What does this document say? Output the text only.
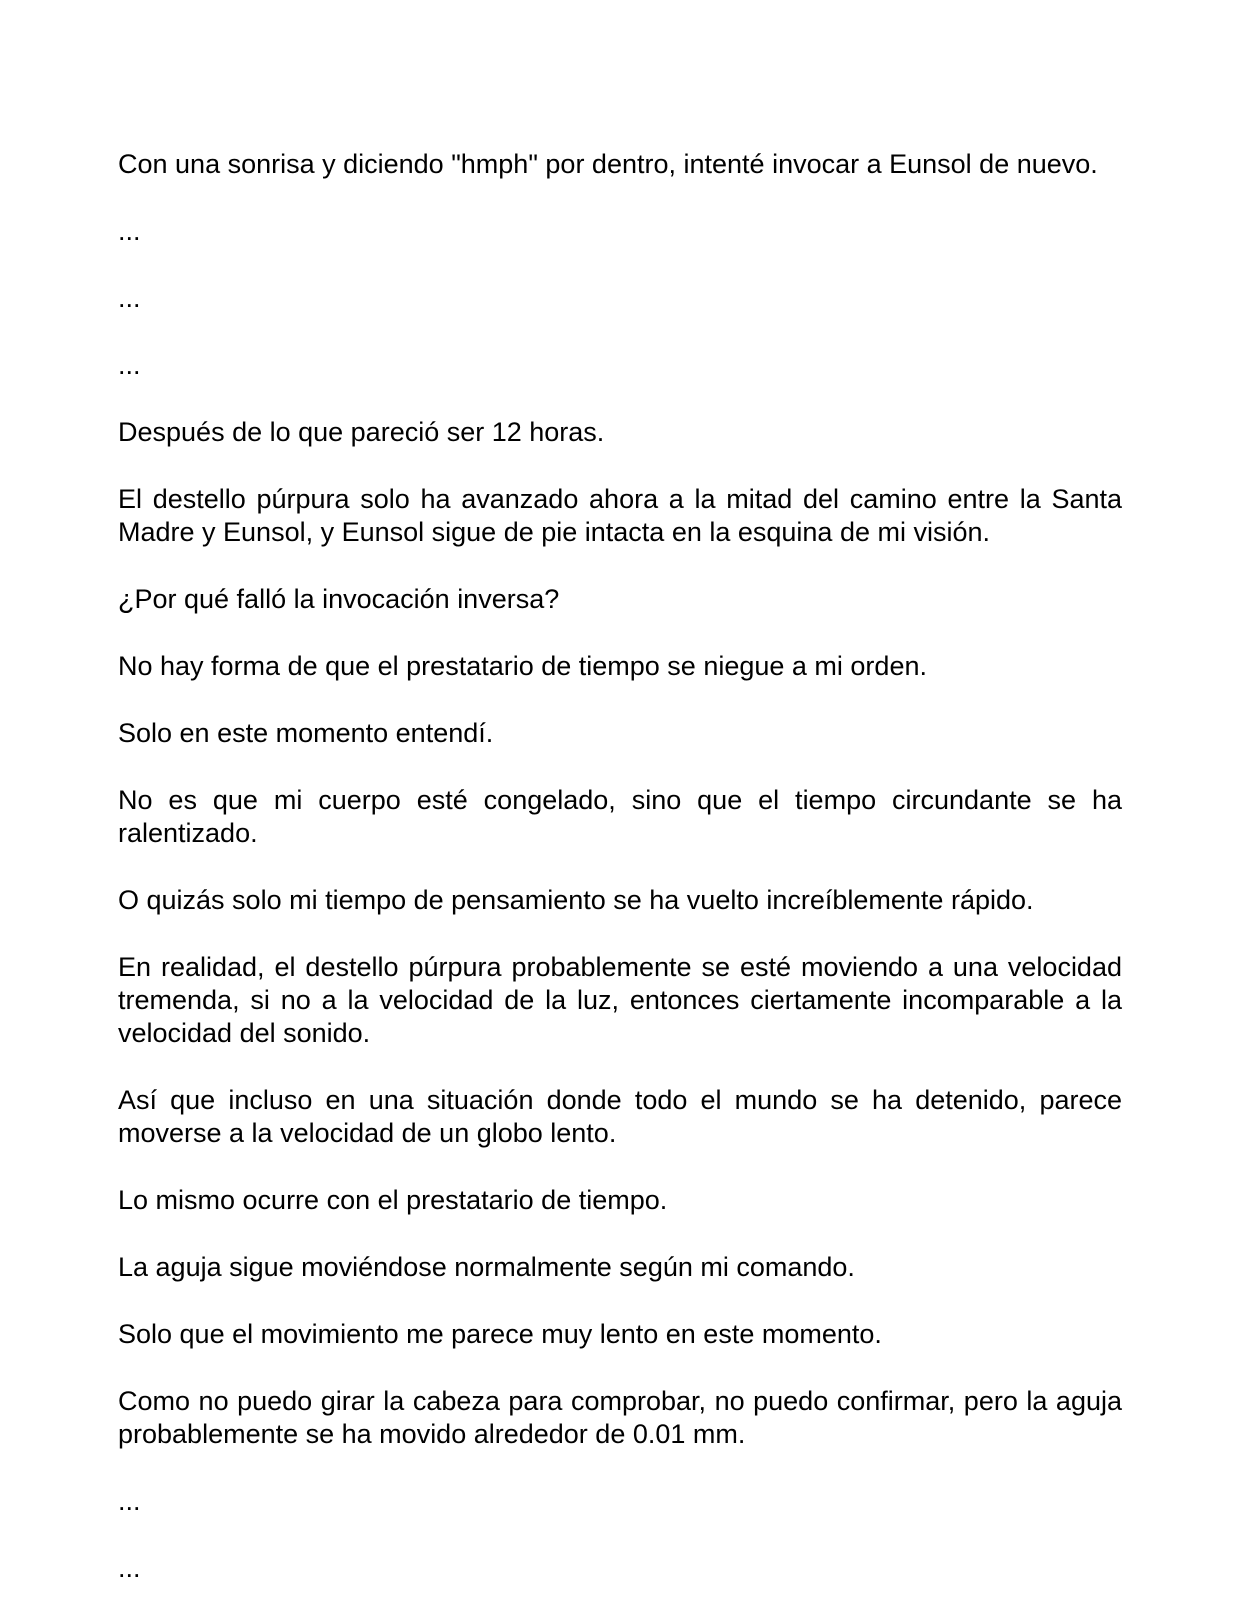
Con una sonrisa y diciendo "hmph" por dentro, intenté invocar a Eunsol de nuevo.

...

...

...

Después de lo que pareció ser 12 horas.

El destello púrpura solo ha avanzado ahora a la mitad del camino entre la Santa Madre y Eunsol, y Eunsol sigue de pie intacta en la esquina de mi visión.

¿Por qué falló la invocación inversa?

No hay forma de que el prestatario de tiempo se niegue a mi orden.

Solo en este momento entendí.

No es que mi cuerpo esté congelado, sino que el tiempo circundante se ha ralentizado.

O quizás solo mi tiempo de pensamiento se ha vuelto increíblemente rápido.

En realidad, el destello púrpura probablemente se esté moviendo a una velocidad tremenda, si no a la velocidad de la luz, entonces ciertamente incomparable a la velocidad del sonido.

Así que incluso en una situación donde todo el mundo se ha detenido, parece moverse a la velocidad de un globo lento.

Lo mismo ocurre con el prestatario de tiempo.

La aguja sigue moviéndose normalmente según mi comando.

Solo que el movimiento me parece muy lento en este momento.

Como no puedo girar la cabeza para comprobar, no puedo confirmar, pero la aguja probablemente se ha movido alrededor de 0.01 mm.

...

...
